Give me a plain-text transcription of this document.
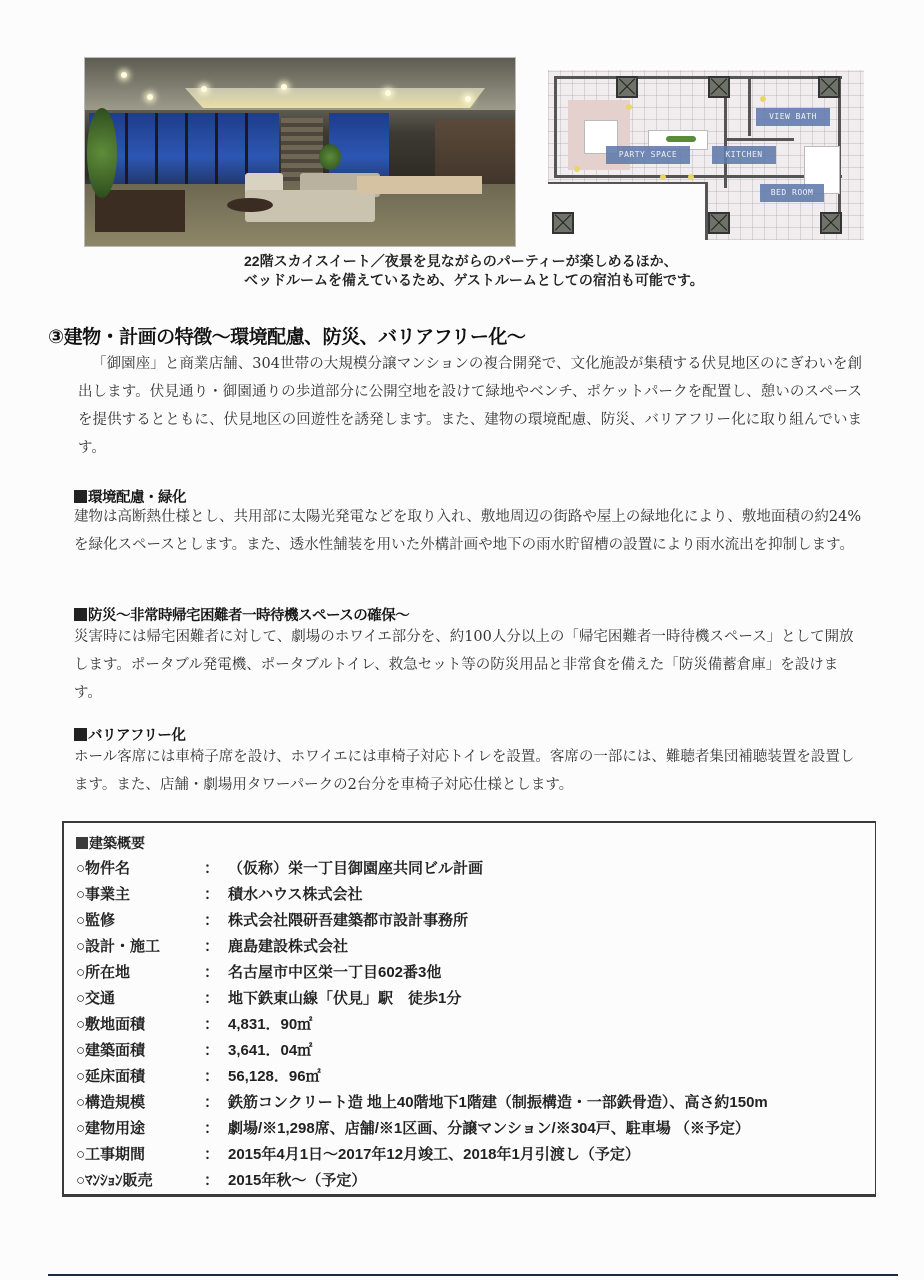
VIEW BATH
PARTY SPACE	KITCHEN
BED ROOM
22階スカイスイート／夜景を見ながらのパーティーが楽しめるほか、
ベッドルームを備えているため、ゲストルームとしての宿泊も可能です。
③建物・計画の特徴～環境配慮、防災、バリアフリー化～
「御園座」と商業店舗、304世帯の大規模分譲マンションの複合開発で、文化施設が集積する伏見地区のにぎわいを創出します。伏見通り・御園通りの歩道部分に公開空地を設けて緑地やベンチ、ポケットパークを配置し、憩いのスペースを提供するとともに、伏見地区の回遊性を誘発します。また、建物の環境配慮、防災、バリアフリー化に取り組んでいます。
環境配慮・緑化
建物は高断熱仕様とし、共用部に太陽光発電などを取り入れ、敷地周辺の街路や屋上の緑地化により、敷地面積の約24%を緑化スペースとします。また、透水性舗装を用いた外構計画や地下の雨水貯留槽の設置により雨水流出を抑制します。
防災～非常時帰宅困難者一時待機スペースの確保～
災害時には帰宅困難者に対して、劇場のホワイエ部分を、約100人分以上の「帰宅困難者一時待機スペース」として開放します。ポータブル発電機、ポータブルトイレ、救急セット等の防災用品と非常食を備えた「防災備蓄倉庫」を設けます。
バリアフリー化
ホール客席には車椅子席を設け、ホワイエには車椅子対応トイレを設置。客席の一部には、難聴者集団補聴装置を設置します。また、店舗・劇場用タワーパークの2台分を車椅子対応仕様とします。
建築概要
○物件名	： （仮称）栄一丁目御園座共同ビル計画
○事業主	： 積水ハウス株式会社
○監修	： 株式会社隈研吾建築都市設計事務所
○設計・施工	： 鹿島建設株式会社
○所在地	： 名古屋市中区栄一丁目602番3他
○交通	： 地下鉄東山線「伏見」駅　徒歩1分
○敷地面積	： 4,831．90㎡
○建築面積	： 3,641．04㎡
○延床面積	： 56,128．96㎡
○構造規模	： 鉄筋コンクリート造 地上40階地下1階建（制振構造・一部鉄骨造）、高さ約150m
○建物用途	： 劇場/※1,298席、店舗/※1区画、分譲マンション/※304戸、駐車場 （※予定）
○工事期間	： 2015年4月1日～2017年12月竣工、2018年1月引渡し（予定）
○ﾏﾝｼｮﾝ販売	： 2015年秋～（予定）
